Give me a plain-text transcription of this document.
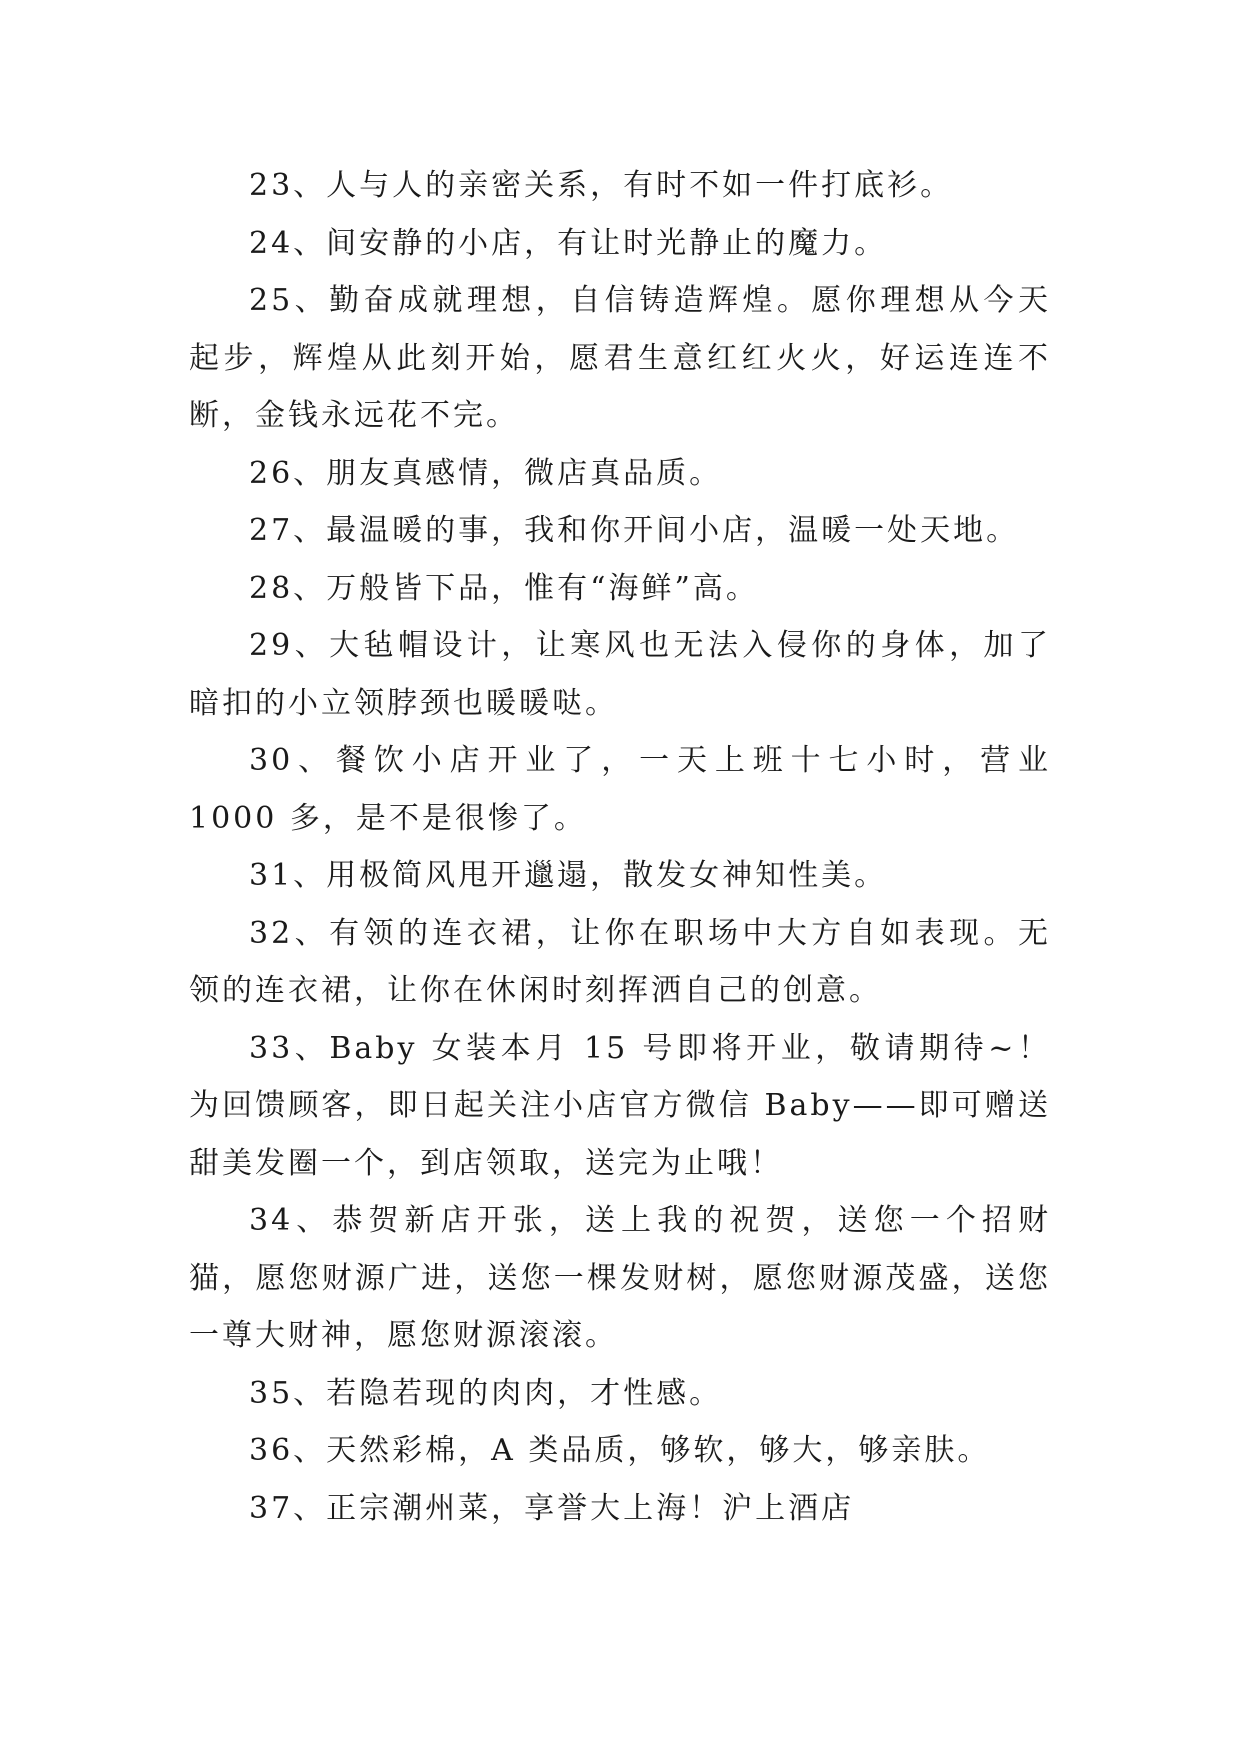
23、人与人的亲密关系，有时不如一件打底衫。

24、间安静的小店，有让时光静止的魔力。

25、勤奋成就理想，自信铸造辉煌。愿你理想从今天起步，辉煌从此刻开始，愿君生意红红火火，好运连连不断，金钱永远花不完。

26、朋友真感情，微店真品质。

27、最温暖的事，我和你开间小店，温暖一处天地。

28、万般皆下品，惟有“海鲜”高。

29、大毡帽设计，让寒风也无法入侵你的身体，加了暗扣的小立领脖颈也暖暖哒。

30、餐饮小店开业了，一天上班十七小时，营业 1000 多，是不是很惨了。

31、用极简风甩开邋遢，散发女神知性美。

32、有领的连衣裙，让你在职场中大方自如表现。无领的连衣裙，让你在休闲时刻挥洒自己的创意。

33、Baby 女装本月 15 号即将开业，敬请期待~！为回馈顾客，即日起关注小店官方微信 Baby——即可赠送甜美发圈一个，到店领取，送完为止哦！

34、恭贺新店开张，送上我的祝贺，送您一个招财猫，愿您财源广进，送您一棵发财树，愿您财源茂盛，送您一尊大财神，愿您财源滚滚。

35、若隐若现的肉肉，才性感。

36、天然彩棉，A 类品质，够软，够大，够亲肤。

37、正宗潮州菜，享誉大上海！沪上酒店
